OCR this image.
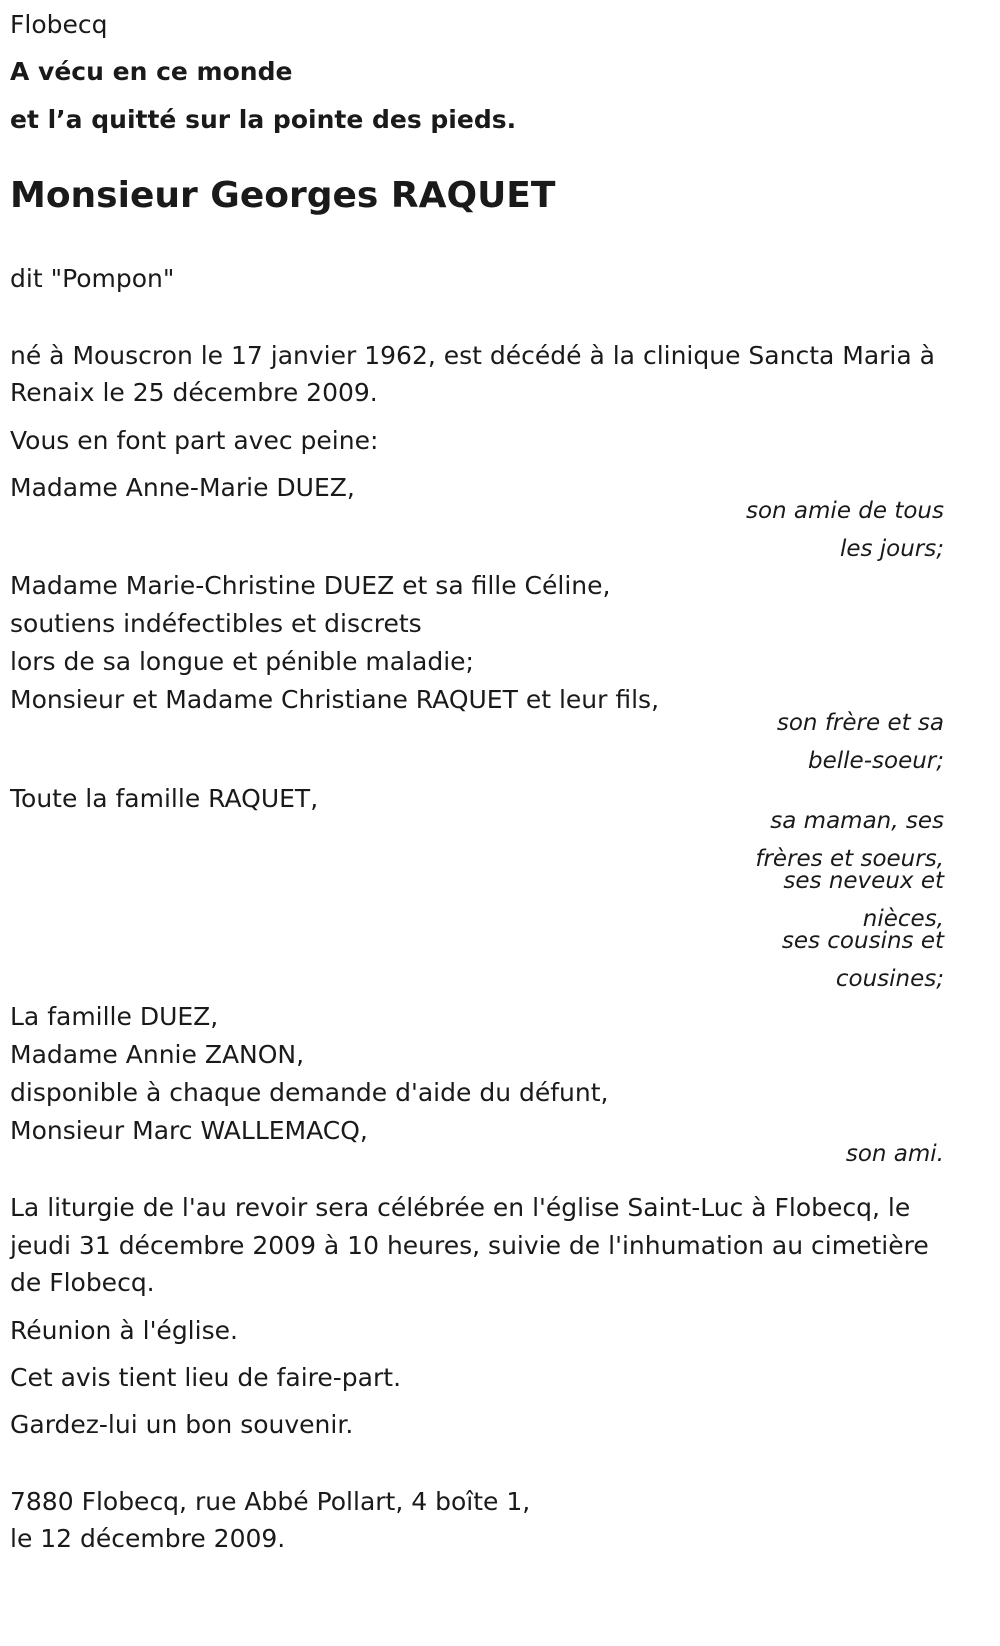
Flobecq
A vécu en ce monde
et l’a quitté sur la pointe des pieds.
Monsieur Georges RAQUET
dit "Pompon"
né à Mouscron le 17 janvier 1962, est décédé à la clinique Sancta Maria à
Renaix le 25 décembre 2009.
Vous en font part avec peine:
Madame Anne-Marie DUEZ,
son amie de tous
les jours;
Madame Marie-Christine DUEZ et sa fille Céline,
soutiens indéfectibles et discrets
lors de sa longue et pénible maladie;
Monsieur et Madame Christiane RAQUET et leur fils,
son frère et sa
belle-soeur;
Toute la famille RAQUET,
sa maman, ses
frères et soeurs,
ses neveux et
nièces,
ses cousins et
cousines;
La famille DUEZ,
Madame Annie ZANON,
disponible à chaque demande d'aide du défunt,
Monsieur Marc WALLEMACQ,
son ami.
La liturgie de l'au revoir sera célébrée en l'église Saint-Luc à Flobecq, le
jeudi 31 décembre 2009 à 10 heures, suivie de l'inhumation au cimetière
de Flobecq.
Réunion à l'église.
Cet avis tient lieu de faire-part.
Gardez-lui un bon souvenir.
7880 Flobecq, rue Abbé Pollart, 4 boîte 1,
le 12 décembre 2009.
